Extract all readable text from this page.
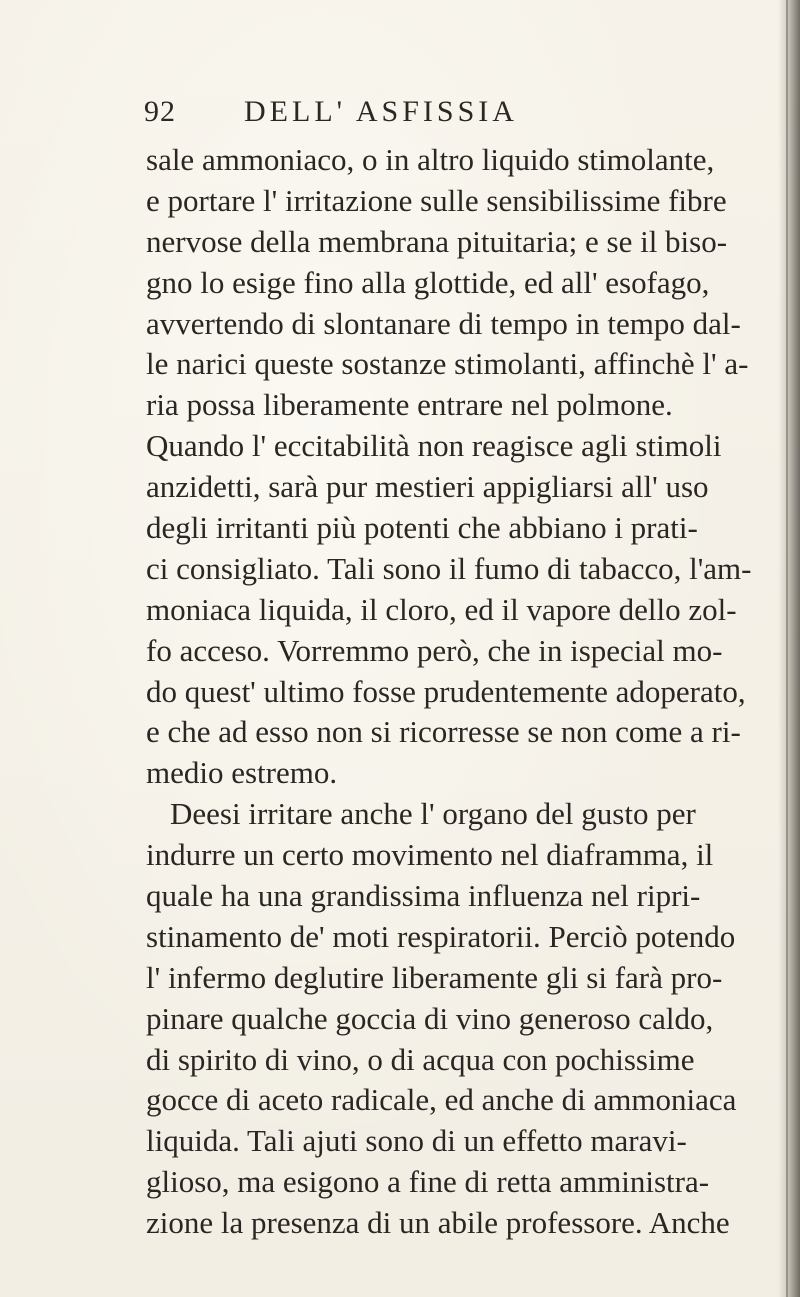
92 DELL' ASFISSIA
sale ammoniaco, o in altro liquido stimolante,
e portare l' irritazione sulle sensibilissime fibre
nervose della membrana pituitaria; e se il biso-
gno lo esige fino alla glottide, ed all' esofago,
avvertendo di slontanare di tempo in tempo dal-
le narici queste sostanze stimolanti, affinchè l' a-
ria possa liberamente entrare nel polmone.
Quando l' eccitabilità non reagisce agli stimoli
anzidetti, sarà pur mestieri appigliarsi all' uso
degli irritanti più potenti che abbiano i prati-
ci consigliato. Tali sono il fumo di tabacco, l'am-
moniaca liquida, il cloro, ed il vapore dello zol-
fo acceso. Vorremmo però, che in ispecial mo-
do quest' ultimo fosse prudentemente adoperato,
e che ad esso non si ricorresse se non come a ri-
medio estremo.
Deesi irritare anche l' organo del gusto per
indurre un certo movimento nel diaframma, il
quale ha una grandissima influenza nel ripri-
stinamento de' moti respiratorii. Perciò potendo
l' infermo deglutire liberamente gli si farà pro-
pinare qualche goccia di vino generoso caldo,
di spirito di vino, o di acqua con pochissime
gocce di aceto radicale, ed anche di ammoniaca
liquida. Tali ajuti sono di un effetto maravi-
glioso, ma esigono a fine di retta amministra-
zione la presenza di un abile professore. Anche
